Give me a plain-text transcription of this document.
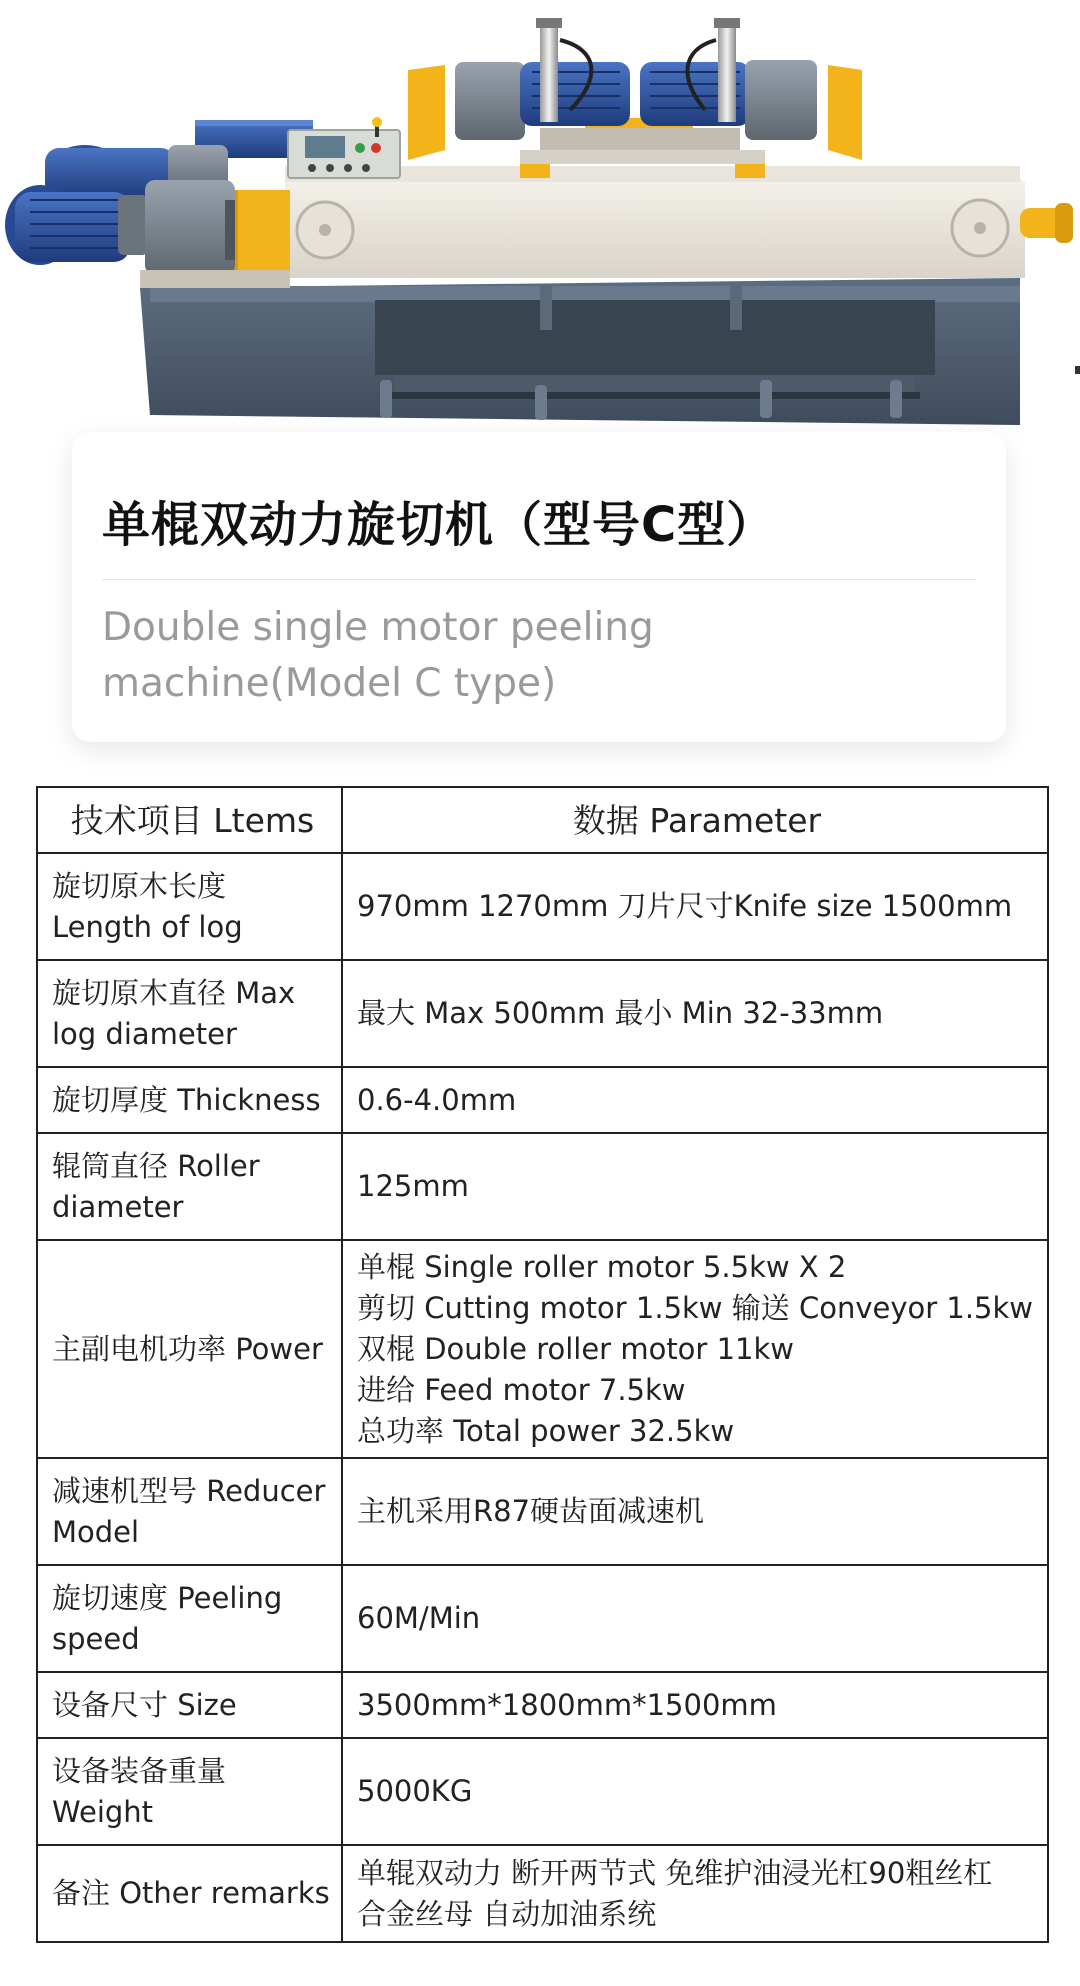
单棍双动力旋切机（型号C型）

Double single motor peeling machine(Model C type)

技术项目 Ltems	数据 Parameter
旋切原木长度 Length of log	970mm 1270mm 刀片尺寸Knife size 1500mm

旋切原木直径 Max log diameter	最大 Max 500mm 最小 Min 32-33mm

旋切厚度 Thickness	0.6-4.0mm

辊筒直径 Roller diameter	125mm

主副电机功率 Power	单棍 Single roller motor 5.5kw X 2
剪切 Cutting motor 1.5kw 输送 Conveyor 1.5kw
双棍 Double roller motor 11kw
进给 Feed motor 7.5kw
总功率 Total power 32.5kw

减速机型号 Reducer Model	主机采用R87硬齿面减速机

旋切速度 Peeling speed	60M/Min

设备尺寸 Size	3500mm*1800mm*1500mm

设备装备重量 Weight	5000KG

备注 Other remarks	单辊双动力 断开两节式 免维护油浸光杠90粗丝杠
合金丝母 自动加油系统
